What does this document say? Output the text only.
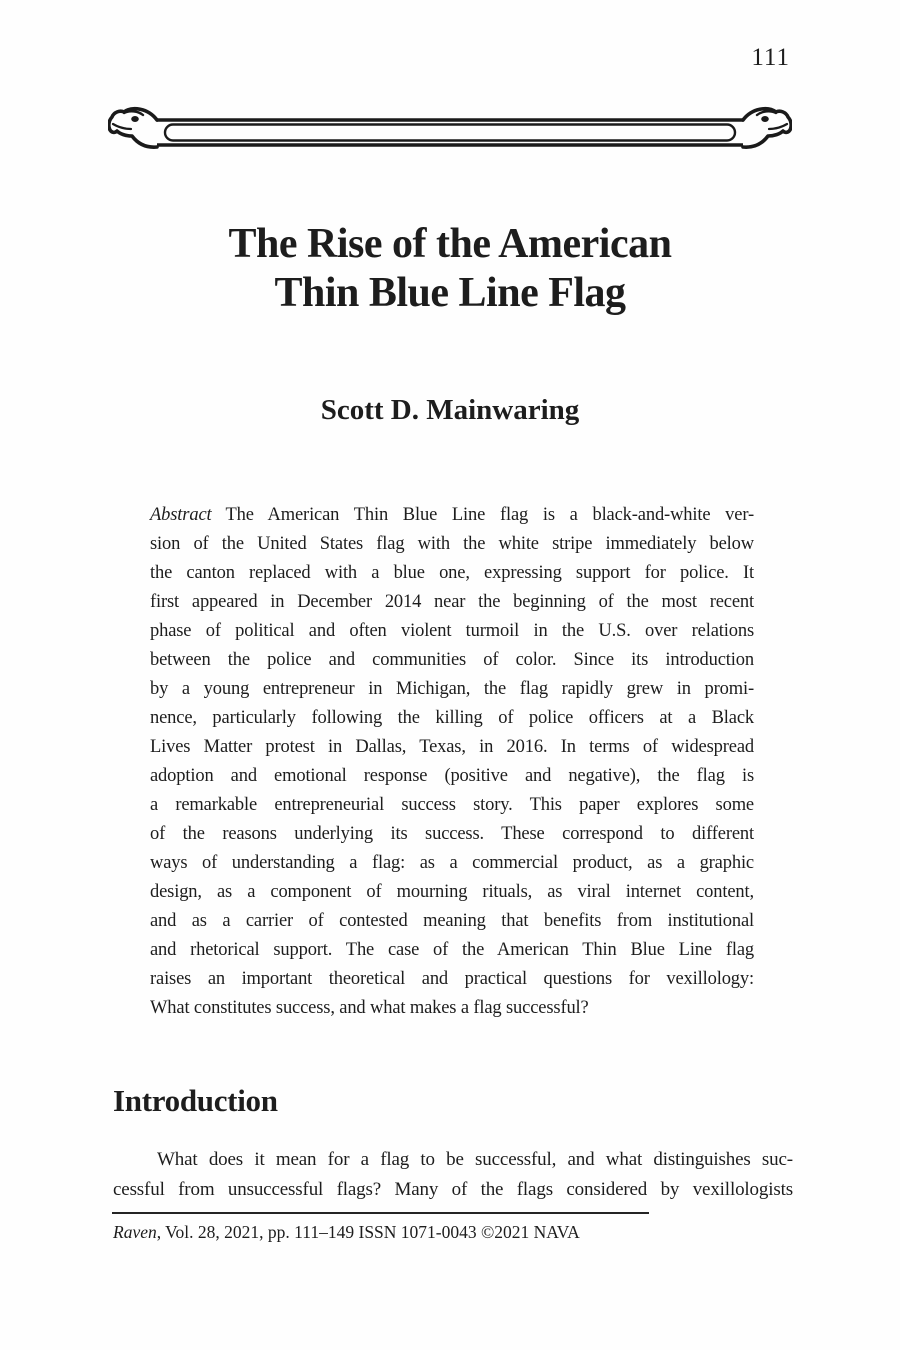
111
The Rise of the American
Thin Blue Line Flag
Scott D. Mainwaring
Abstract The American Thin Blue Line flag is a black-and-white ver-
sion of the United States flag with the white stripe immediately below
the canton replaced with a blue one, expressing support for police. It
first appeared in December 2014 near the beginning of the most recent
phase of political and often violent turmoil in the U.S. over relations
between the police and communities of color. Since its introduction
by a young entrepreneur in Michigan, the flag rapidly grew in promi-
nence, particularly following the killing of police officers at a Black
Lives Matter protest in Dallas, Texas, in 2016. In terms of widespread
adoption and emotional response (positive and negative), the flag is
a remarkable entrepreneurial success story. This paper explores some
of the reasons underlying its success. These correspond to different
ways of understanding a flag: as a commercial product, as a graphic
design, as a component of mourning rituals, as viral internet content,
and as a carrier of contested meaning that benefits from institutional
and rhetorical support. The case of the American Thin Blue Line flag
raises an important theoretical and practical questions for vexillology:
What constitutes success, and what makes a flag successful?
Introduction
What does it mean for a flag to be successful, and what distinguishes suc-
cessful from unsuccessful flags? Many of the flags considered by vexillologists
Raven, Vol. 28, 2021, pp. 111–149 ISSN 1071-0043 ©2021 NAVA
